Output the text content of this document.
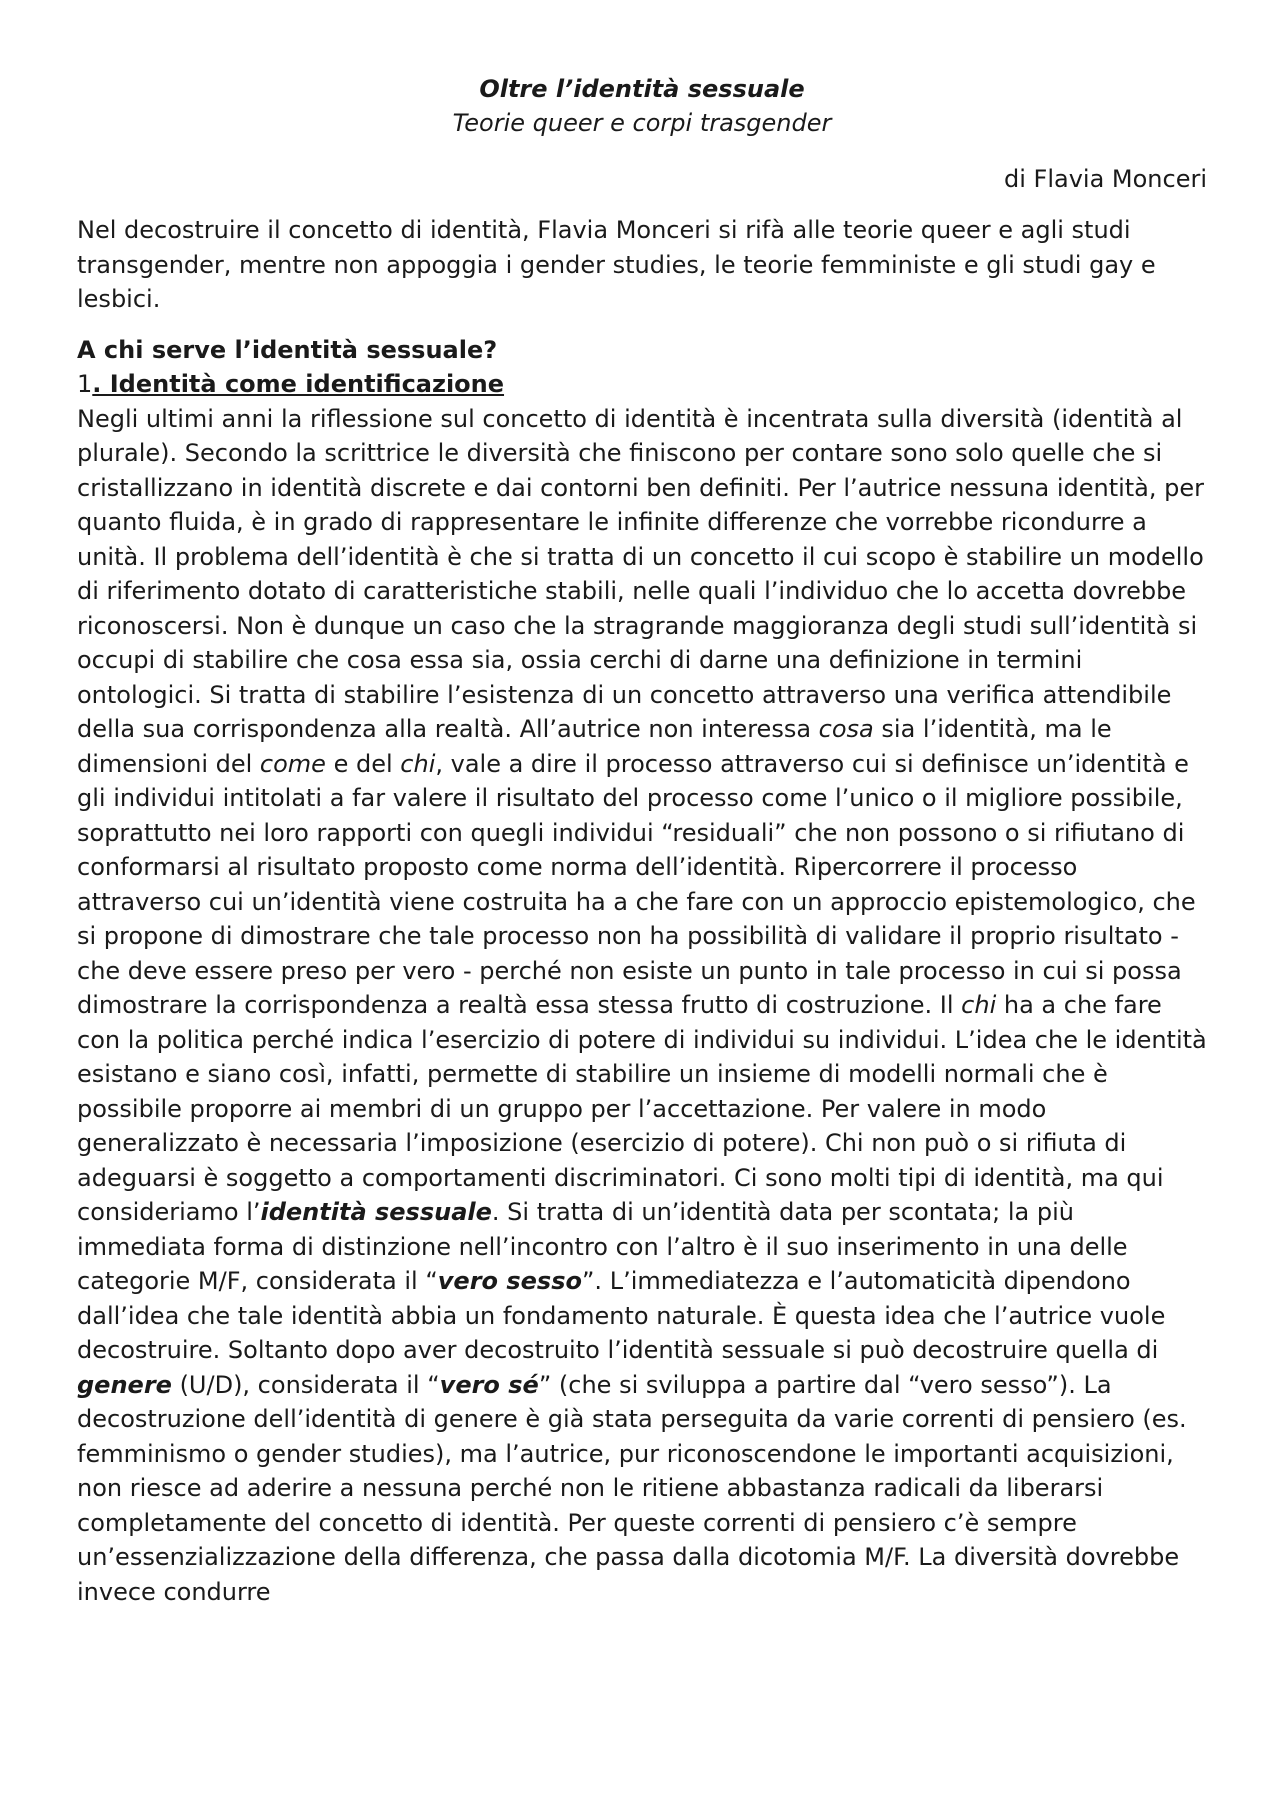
Oltre l’identità sessuale

Teorie queer e corpi trasgender

di Flavia Monceri

Nel decostruire il concetto di identità, Flavia Monceri si rifà alle teorie queer e agli studi transgender, mentre non appoggia i gender studies, le teorie femministe e gli studi gay e lesbici.

A chi serve l’identità sessuale?

1. Identità come identificazione

Negli ultimi anni la riflessione sul concetto di identità è incentrata sulla diversità (identità al plurale). Secondo la scrittrice le diversità che finiscono per contare sono solo quelle che si cristallizzano in identità discrete e dai contorni ben definiti. Per l’autrice nessuna identità, per quanto fluida, è in grado di rappresentare le infinite differenze che vorrebbe ricondurre a unità. Il problema dell’identità è che si tratta di un concetto il cui scopo è stabilire un modello di riferimento dotato di caratteristiche stabili, nelle quali l’individuo che lo accetta dovrebbe riconoscersi. Non è dunque un caso che la stragrande maggioranza degli studi sull’identità si occupi di stabilire che cosa essa sia, ossia cerchi di darne una definizione in termini ontologici. Si tratta di stabilire l’esistenza di un concetto attraverso una verifica attendibile della sua corrispondenza alla realtà. All’autrice non interessa cosa sia l’identità, ma le dimensioni del come e del chi, vale a dire il processo attraverso cui si definisce un’identità e gli individui intitolati a far valere il risultato del processo come l’unico o il migliore possibile, soprattutto nei loro rapporti con quegli individui “residuali” che non possono o si rifiutano di conformarsi al risultato proposto come norma dell’identità. Ripercorrere il processo attraverso cui un’identità viene costruita ha a che fare con un approccio epistemologico, che si propone di dimostrare che tale processo non ha possibilità di validare il proprio risultato - che deve essere preso per vero - perché non esiste un punto in tale processo in cui si possa dimostrare la corrispondenza a realtà essa stessa frutto di costruzione. Il chi ha a che fare con la politica perché indica l’esercizio di potere di individui su individui. L’idea che le identità esistano e siano così, infatti, permette di stabilire un insieme di modelli normali che è possibile proporre ai membri di un gruppo per l’accettazione. Per valere in modo generalizzato è necessaria l’imposizione (esercizio di potere). Chi non può o si rifiuta di adeguarsi è soggetto a comportamenti discriminatori. Ci sono molti tipi di identità, ma qui consideriamo l’identità sessuale. Si tratta di un’identità data per scontata; la più immediata forma di distinzione nell’incontro con l’altro è il suo inserimento in una delle categorie M/F, considerata il “vero sesso”. L’immediatezza e l’automaticità dipendono dall’idea che tale identità abbia un fondamento naturale. È questa idea che l’autrice vuole decostruire. Soltanto dopo aver decostruito l’identità sessuale si può decostruire quella di genere (U/D), considerata il “vero sé” (che si sviluppa a partire dal “vero sesso”). La decostruzione dell’identità di genere è già stata perseguita da varie correnti di pensiero (es. femminismo o gender studies), ma l’autrice, pur riconoscendone le importanti acquisizioni, non riesce ad aderire a nessuna perché non le ritiene abbastanza radicali da liberarsi completamente del concetto di identità. Per queste correnti di pensiero c’è sempre un’essenzializzazione della differenza, che passa dalla dicotomia M/F. La diversità dovrebbe invece condurre
